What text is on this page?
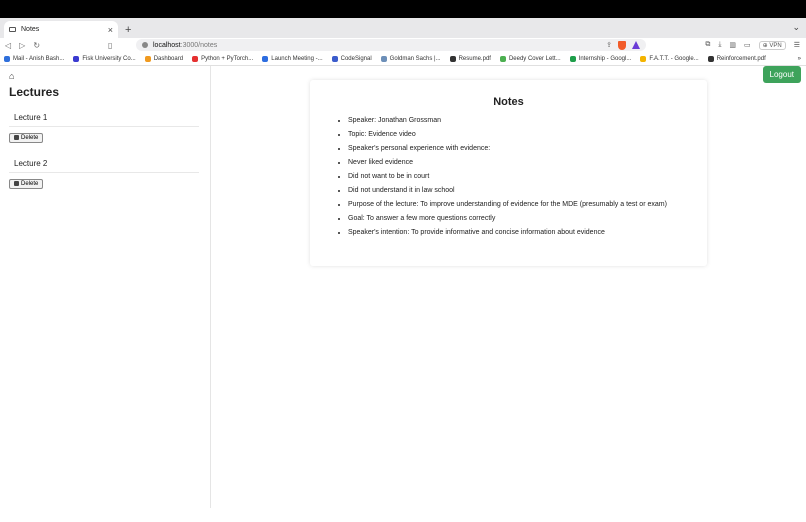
Notes	× +	⌄
◁ ▷ ↻	▯	localhost :3000/notes	⇪	⧉ ⤓ ▥ ▭	⊕ VPN	☰
Mail - Anish Bash...	Fisk University Co...	Dashboard	Python + PyTorch...	Launch Meeting -...	CodeSignal	Goldman Sachs |...	Resume.pdf	Deedy Cover Lett...	Internship - Googl...	F.A.T.T. - Google...	Reinforcement.pdf	»
⌂
Lectures
Lecture 1
Delete
Lecture 2
Delete
Logout
Notes
• Speaker: Jonathan Grossman
• Topic: Evidence video
• Speaker's personal experience with evidence:
• Never liked evidence
• Did not want to be in court
• Did not understand it in law school
• Purpose of the lecture: To improve understanding of evidence for the MDE (presumably a test or exam)
• Goal: To answer a few more questions correctly
• Speaker's intention: To provide informative and concise information about evidence
